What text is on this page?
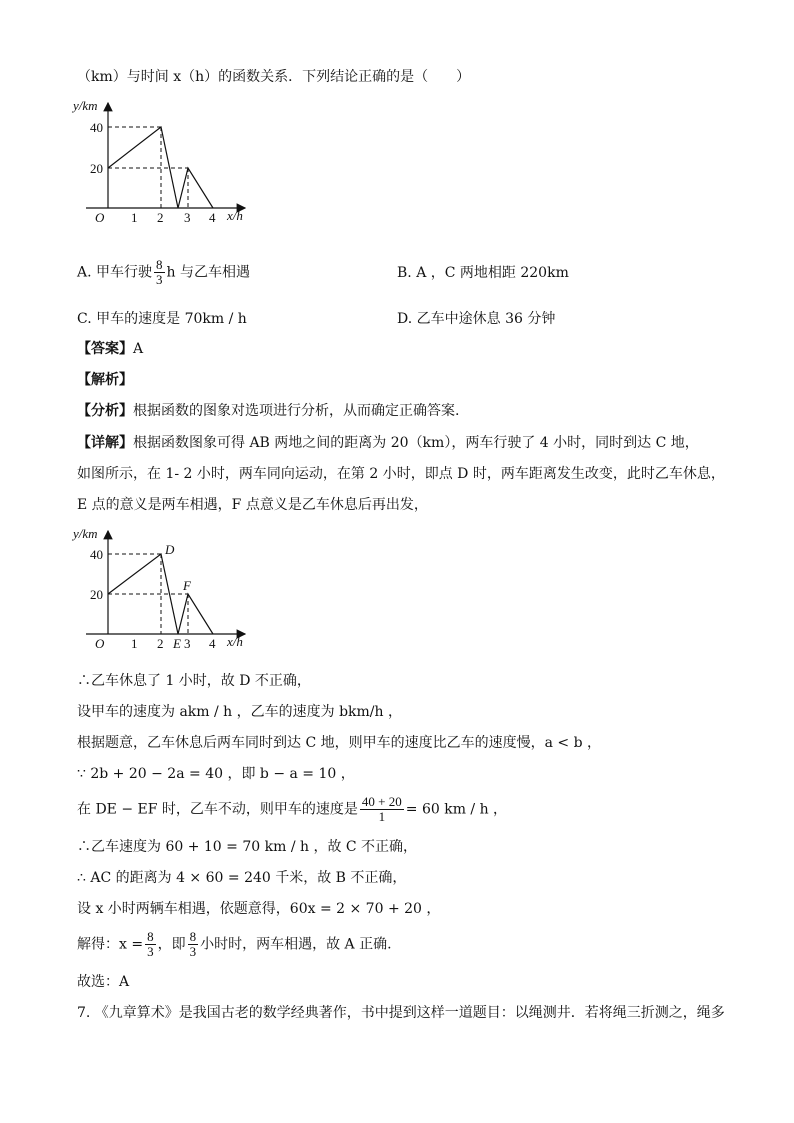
（km）与时间 x（h）的函数关系．下列结论正确的是（　　）
y/km
40
20
O 1 2 3 4 x/h
A. 甲车行驶 $\frac{8}{3}$ h 与乙车相遇	B. A ，C 两地相距 220km
C. 甲车的速度是 70km / h	D. 乙车中途休息 36 分钟
【答案】A
【解析】
【分析】根据函数的图象对选项进行分析，从而确定正确答案.
【详解】根据函数图象可得 AB 两地之间的距离为 20（km），两车行驶了 4 小时，同时到达 C 地，
如图所示，在 1- 2 小时，两车同向运动，在第 2 小时，即点 D 时，两车距离发生改变，此时乙车休息，
E 点的意义是两车相遇，F 点意义是乙车休息后再出发，
y/km
40
20
D
F
O 1 2 E 3 4 x/h
∴乙车休息了 1 小时，故 D 不正确，
设甲车的速度为 akm / h ，乙车的速度为 bkm/h ，
根据题意，乙车休息后两车同时到达 C 地，则甲车的速度比乙车的速度慢，a < b ，
∵ 2b + 20 − 2a = 40 ，即 b − a = 10 ，
在 DE − EF 时，乙车不动，则甲车的速度是 $\frac{40 + 20}{1} = 60$ km / h ，
∴乙车速度为 60 + 10 = 70 km / h ，故 C 不正确，
∴ AC 的距离为 4 × 60 = 240 千米，故 B 不正确，
设 x 小时两辆车相遇，依题意得，60x = 2 × 70 + 20 ，
解得：$x = \frac{8}{3}$ ，即 $\frac{8}{3}$ 小时时，两车相遇，故 A 正确.
故选：A
7. 《九章算术》是我国古老的数学经典著作，书中提到这样一道题目：以绳测井．若将绳三折测之，绳多
